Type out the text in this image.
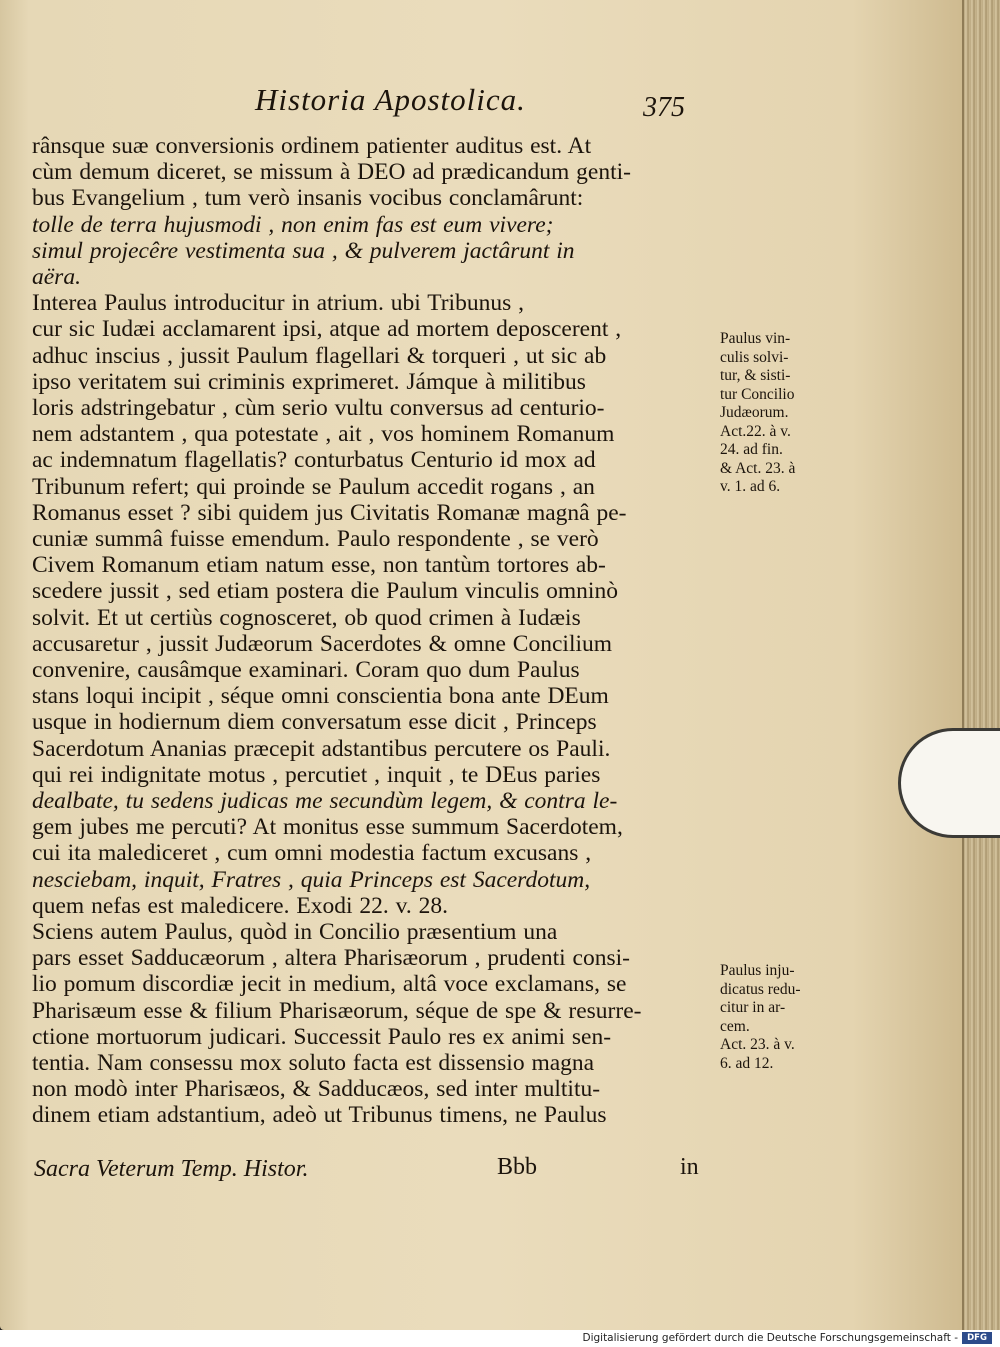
Historia Apostolica.	375
rânsque suæ conversionis ordinem patienter auditus est. At
cùm demum diceret, se missum à DEO ad prædicandum genti-
bus Evangelium , tum verò insanis vocibus conclamârunt:
tolle de terra hujusmodi , non enim fas est eum vivere;
simul projecêre vestimenta sua , & pulverem jactârunt in
aëra.
Interea Paulus introducitur in atrium. ubi Tribunus ,
cur sic Iudæi acclamarent ipsi, atque ad mortem deposcerent ,
adhuc inscius , jussit Paulum flagellari & torqueri , ut sic ab
ipso veritatem sui criminis exprimeret. Jámque à militibus
loris adstringebatur , cùm serio vultu conversus ad centurio-
nem adstantem , qua potestate , ait , vos hominem Romanum
ac indemnatum flagellatis? conturbatus Centurio id mox ad
Tribunum refert; qui proinde se Paulum accedit rogans , an
Romanus esset ? sibi quidem jus Civitatis Romanæ magnâ pe-
cuniæ summâ fuisse emendum. Paulo respondente , se verò
Civem Romanum etiam natum esse, non tantùm tortores ab-
scedere jussit , sed etiam postera die Paulum vinculis omninò
solvit. Et ut certiùs cognosceret, ob quod crimen à Iudæis
accusaretur , jussit Judæorum Sacerdotes & omne Concilium
convenire, causâmque examinari. Coram quo dum Paulus
stans loqui incipit , séque omni conscientia bona ante DEum
usque in hodiernum diem conversatum esse dicit , Princeps
Sacerdotum Ananias præcepit adstantibus percutere os Pauli.
qui rei indignitate motus , percutiet , inquit , te DEus paries
dealbate, tu sedens judicas me secundùm legem, & contra le-
gem jubes me percuti? At monitus esse summum Sacerdotem,
cui ita malediceret , cum omni modestia factum excusans ,
nesciebam, inquit, Fratres , quia Princeps est Sacerdotum,
quem nefas est maledicere. Exodi 22. v. 28.
Sciens autem Paulus, quòd in Concilio præsentium una
pars esset Sadducæorum , altera Pharisæorum , prudenti consi-
lio pomum discordiæ jecit in medium, altâ voce exclamans, se
Pharisæum esse & filium Pharisæorum, séque de spe & resurre-
ctione mortuorum judicari. Successit Paulo res ex animi sen-
tentia. Nam consessu mox soluto facta est dissensio magna
non modò inter Pharisæos, & Sadducæos, sed inter multitu-
dinem etiam adstantium, adeò ut Tribunus timens, ne Paulus
Paulus vin-
culis solvi-
tur, & sisti-
tur Concilio
Judæorum.
Act.22. à v.
24. ad fin.
& Act. 23. à
v. 1. ad 6.
Paulus inju-
dicatus redu-
citur in ar-
cem.
Act. 23. à v.
6. ad 12.
Sacra Veterum Temp. Histor.	Bbb	in
Digitalisierung gefördert durch die Deutsche Forschungsgemeinschaft -	DFG
